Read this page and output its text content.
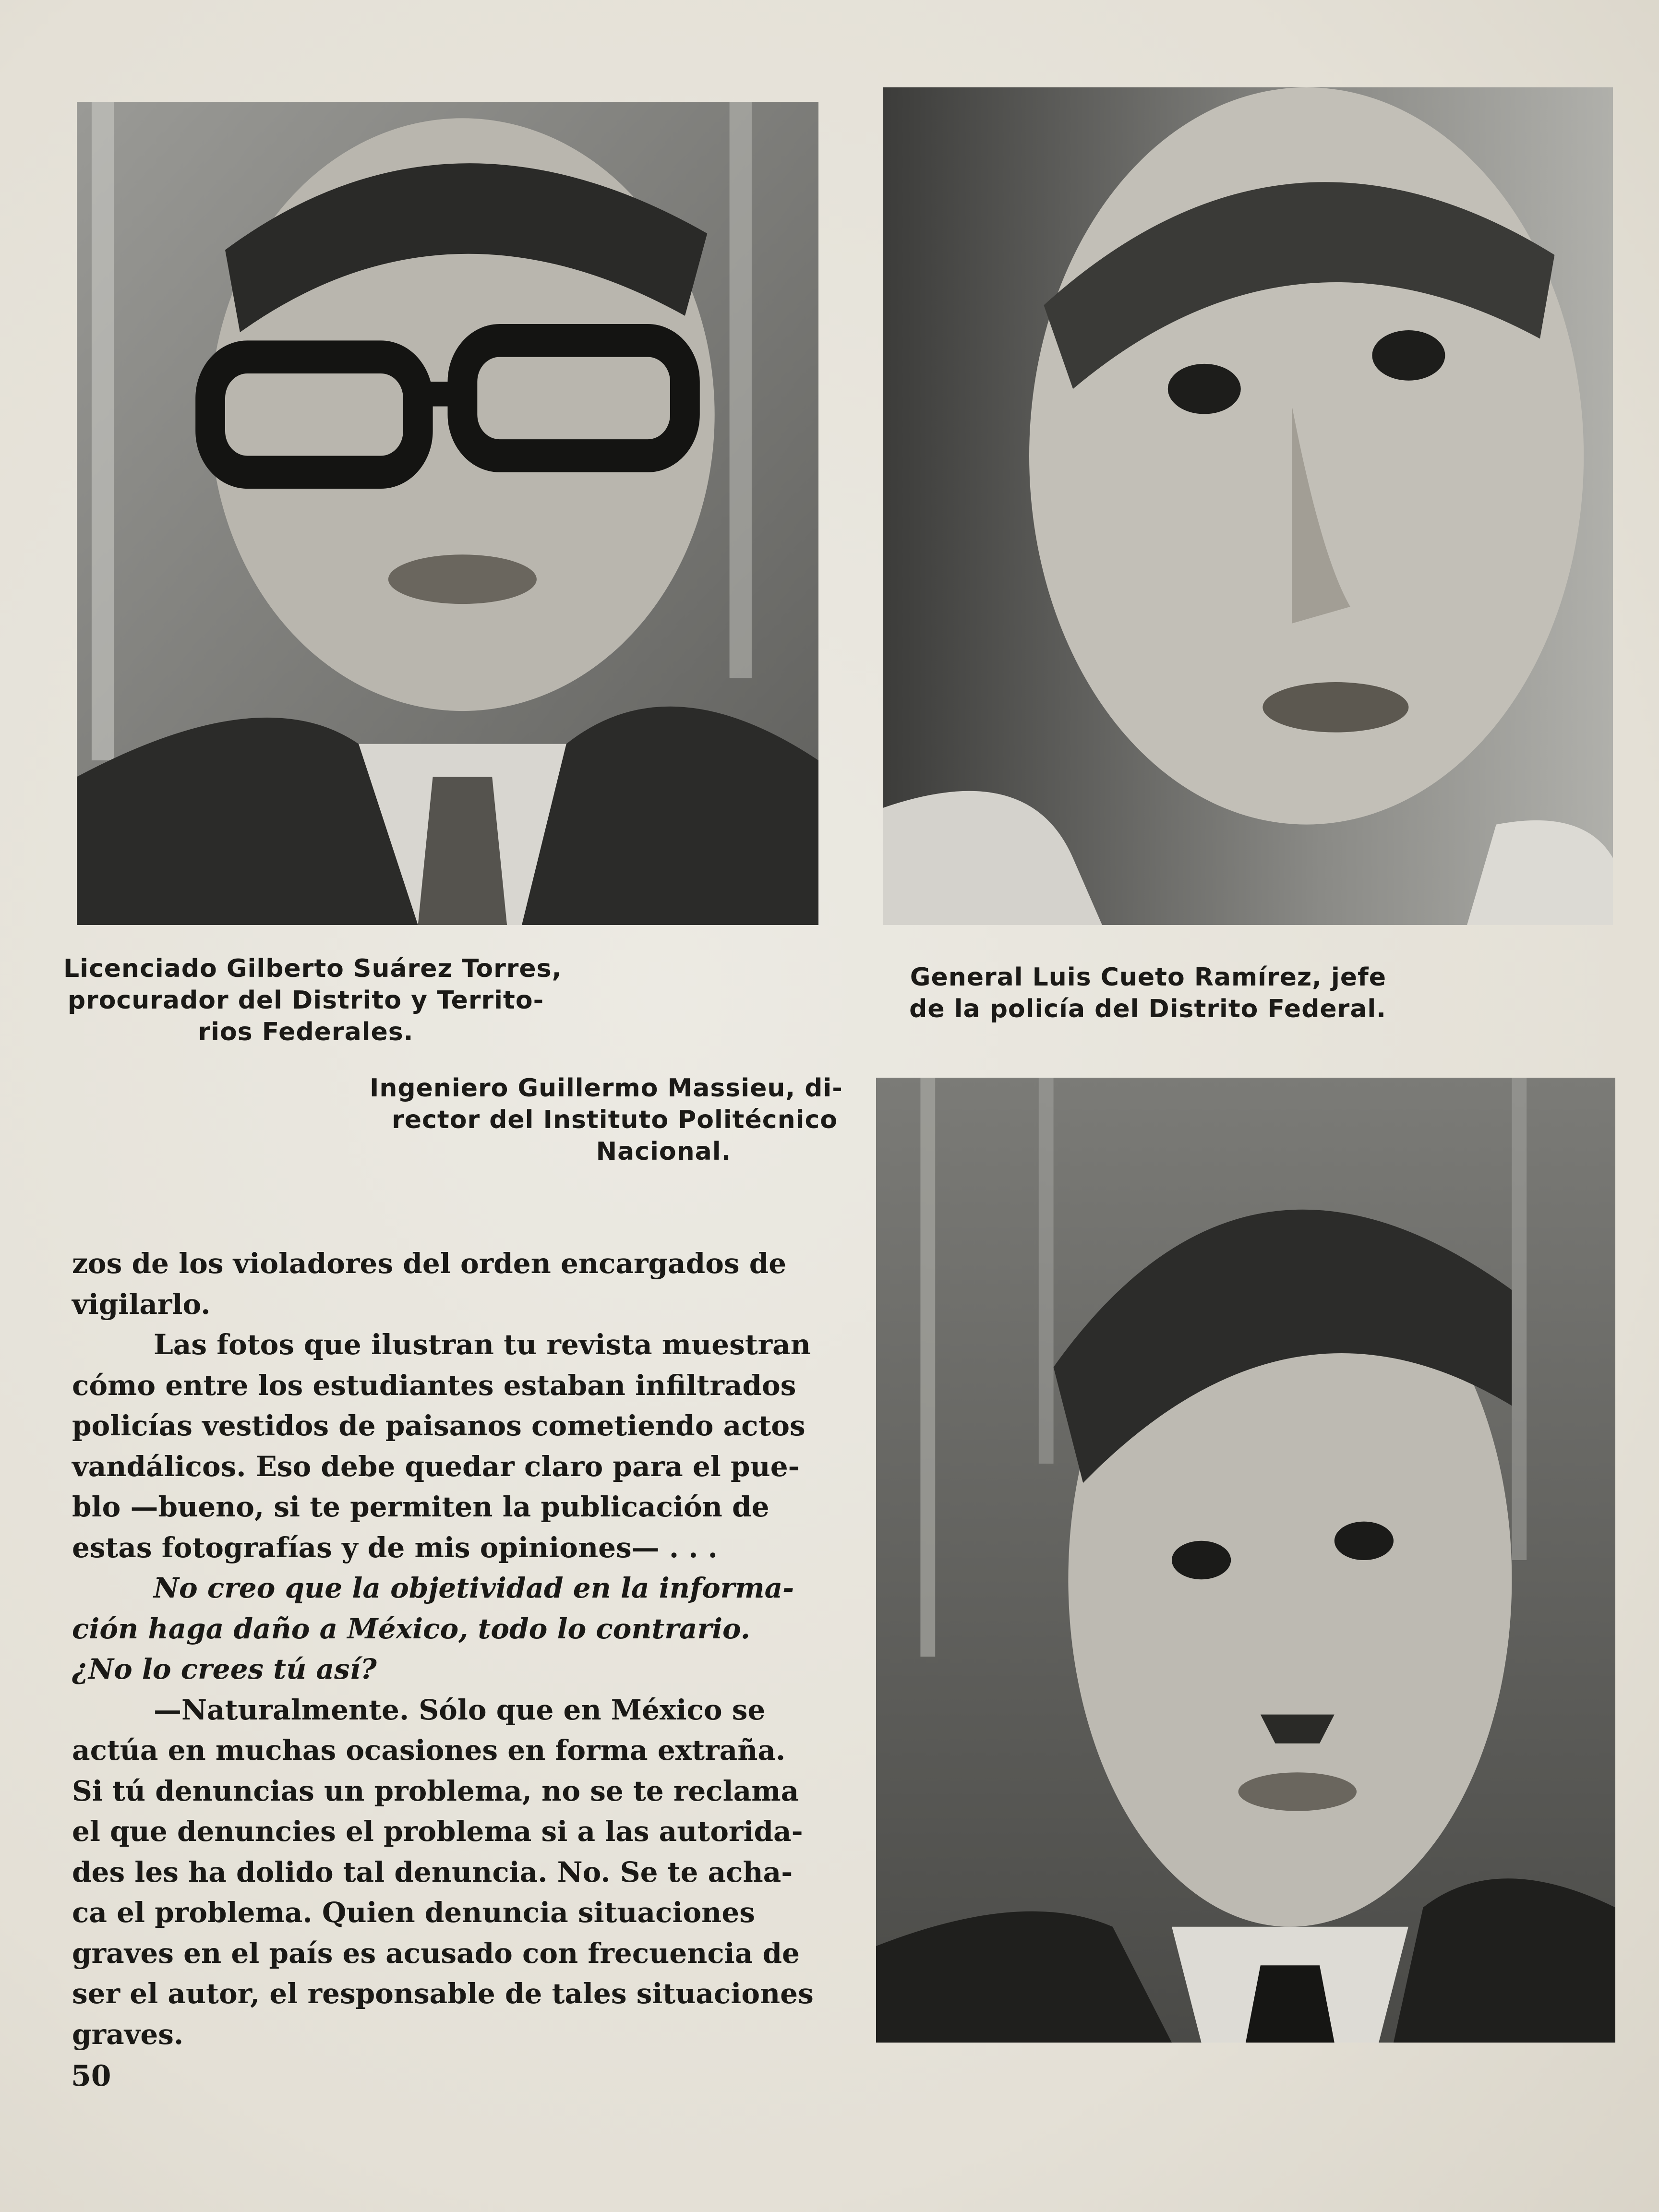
Licenciado Gilberto Suárez Torres,
procurador del Distrito y Territo-
rios Federales.
General Luis Cueto Ramírez, jefe
de la policía del Distrito Federal.
Ingeniero Guillermo Massieu, di-
rector del Instituto Politécnico
Nacional.
zos de los violadores del orden encargados de
vigilarlo.
Las fotos que ilustran tu revista muestran
cómo entre los estudiantes estaban infiltrados
policías vestidos de paisanos cometiendo actos
vandálicos. Eso debe quedar claro para el pue-
blo —bueno, si te permiten la publicación de
estas fotografías y de mis opiniones— . . .
No creo que la objetividad en la informa-
ción haga daño a México, todo lo contrario.
¿No lo crees tú así?
—Naturalmente. Sólo que en México se
actúa en muchas ocasiones en forma extraña.
Si tú denuncias un problema, no se te reclama
el que denuncies el problema si a las autorida-
des les ha dolido tal denuncia. No. Se te acha-
ca el problema. Quien denuncia situaciones
graves en el país es acusado con frecuencia de
ser el autor, el responsable de tales situaciones
graves.
50
